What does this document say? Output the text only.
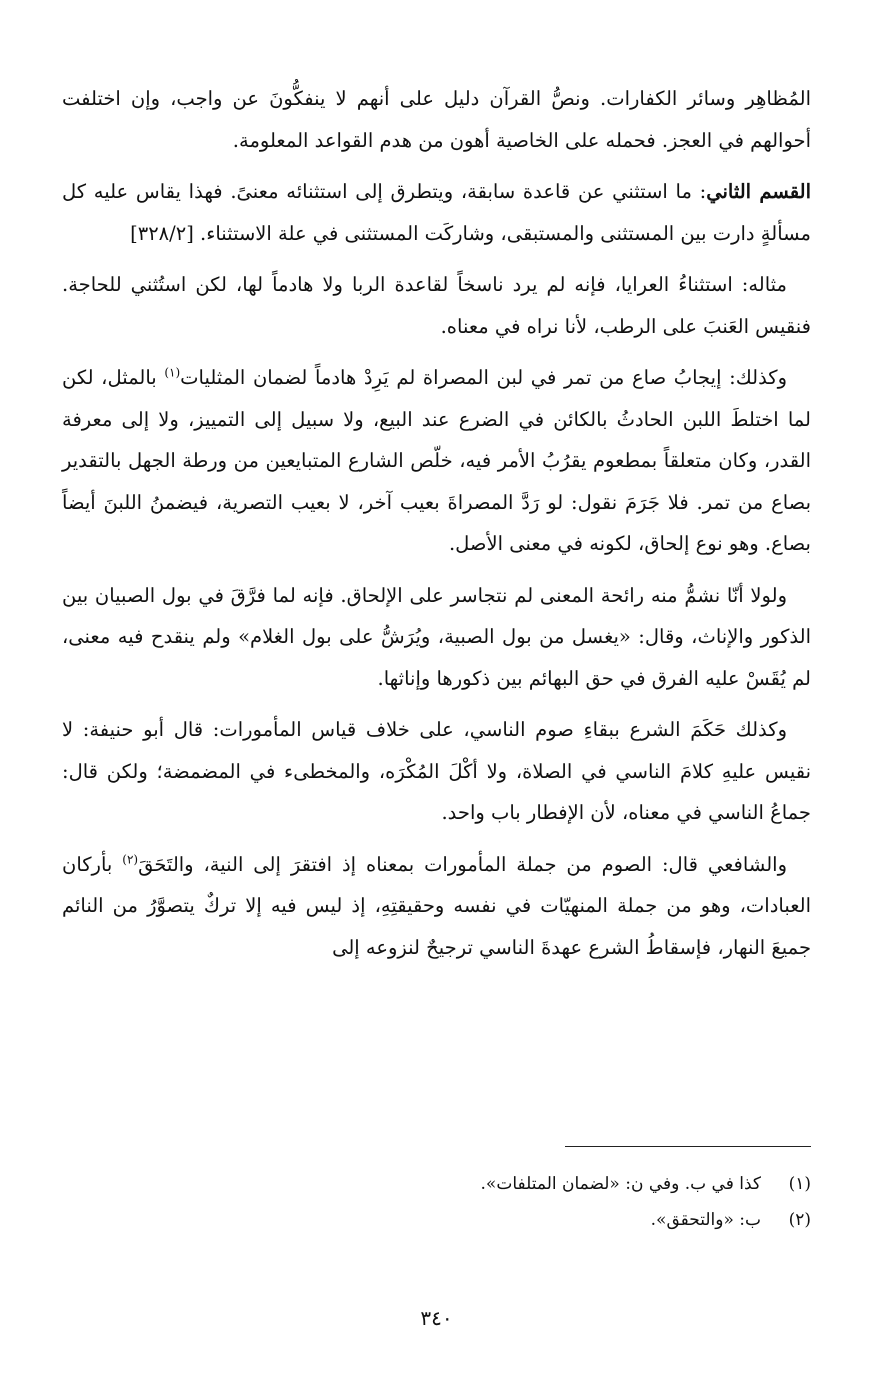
المُظاهِر وسائر الكفارات. ونصُّ القرآن دليل على أنهم لا ينفكُّونَ عن واجب، وإن اختلفت أحوالهم في العجز. فحمله على الخاصية أهون من هدم القواعد المعلومة.

القسم الثاني: ما استثني عن قاعدة سابقة، ويتطرق إلى استثنائه معنىً. فهذا يقاس عليه كل مسألةٍ دارت بين المستثنى والمستبقى، وشاركَت المستثنى في علة الاستثناء. [٣٢٨/٢]

مثاله: استثناءُ العرايا، فإنه لم يرد ناسخاً لقاعدة الربا ولا هادماً لها، لكن استُثني للحاجة. فنقيس العَنبَ على الرطب، لأنا نراه في معناه.

وكذلك: إيجابُ صاع من تمر في لبن المصراة لم يَرِدْ هادماً لضمان المثليات$^{(١)}$ بالمثل، لكن لما اختلطَ اللبن الحادثُ بالكائن في الضرع عند البيع، ولا سبيل إلى التمييز، ولا إلى معرفة القدر، وكان متعلقاً بمطعوم يقرُبُ الأمر فيه، خلّص الشارع المتبايعين من ورطة الجهل بالتقدير بصاع من تمر. فلا جَرَمَ نقول: لو رَدَّ المصراةَ بعيب آخر، لا بعيب التصرية، فيضمنُ اللبنَ أيضاً بصاع. وهو نوع إلحاق، لكونه في معنى الأصل.

ولولا أنّا نشمُّ منه رائحة المعنى لم نتجاسر على الإلحاق. فإنه لما فرَّقَ في بول الصبيان بين الذكور والإناث، وقال: «يغسل من بول الصبية، ويُرَشُّ على بول الغلام» ولم ينقدح فيه معنى، لم يُقَسْ عليه الفرق في حق البهائم بين ذكورها وإناثها.

وكذلك حَكَمَ الشرع ببقاءِ صوم الناسي، على خلاف قياس المأمورات: قال أبو حنيفة: لا نقيس عليهِ كلامَ الناسي في الصلاة، ولا أكْلَ المُكْرَه، والمخطىء في المضمضة؛ ولكن قال: جماعُ الناسي في معناه، لأن الإفطار باب واحد.

والشافعي قال: الصوم من جملة المأمورات بمعناه إذ افتقرَ إلى النية، والتَحَقَ$^{(٢)}$ بأركان العبادات، وهو من جملة المنهيّات في نفسه وحقيقتِهِ، إذ ليس فيه إلا تركٌ يتصوَّرُ من النائم جميعَ النهار، فإسقاطُ الشرع عهدةَ الناسي ترجيحٌ لنزوعه إلى

(١)كذا في ب. وفي ن: «لضمان المتلفات».

(٢)ب: «والتحقق».

٣٤٠
